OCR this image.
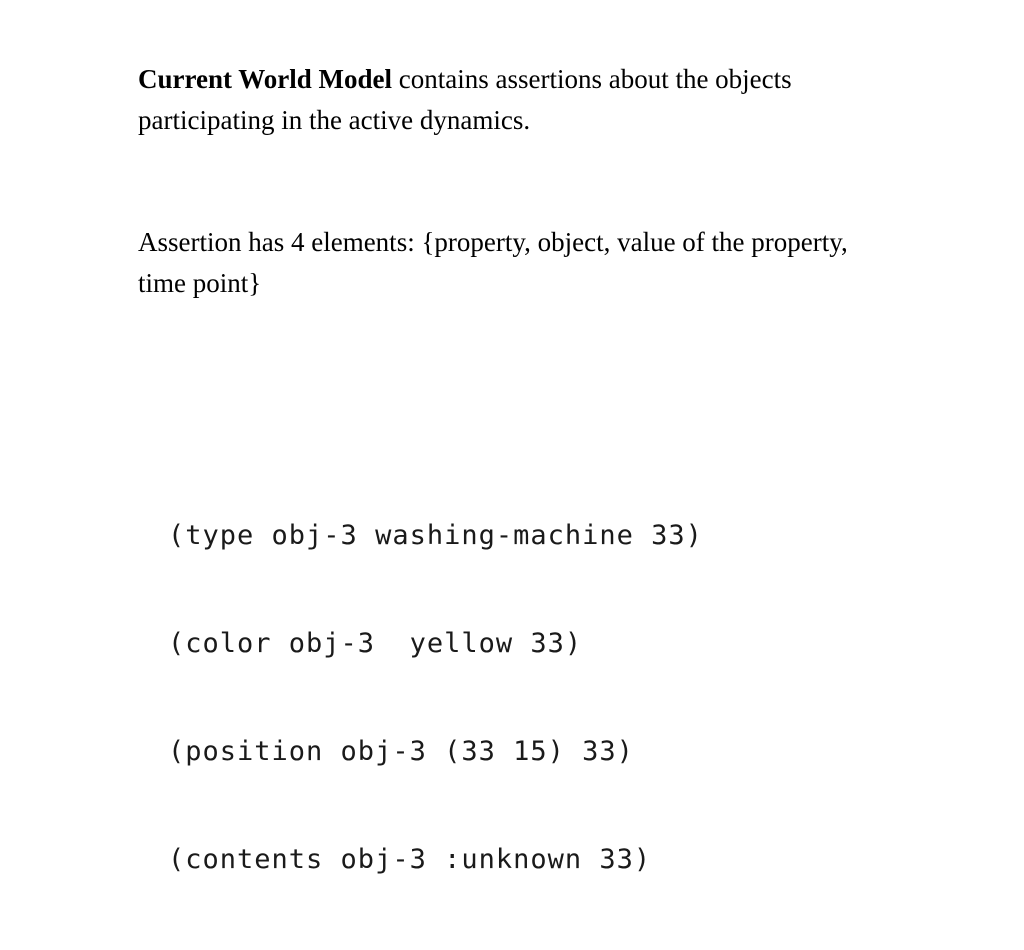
Current World Model contains assertions about the objects participating in the active dynamics.

Assertion has 4 elements: {property, object, value of the property, time point}

(type obj-3 washing-machine 33)

(color obj-3  yellow 33)

(position obj-3 (33 15) 33)

(contents obj-3 :unknown 33)
